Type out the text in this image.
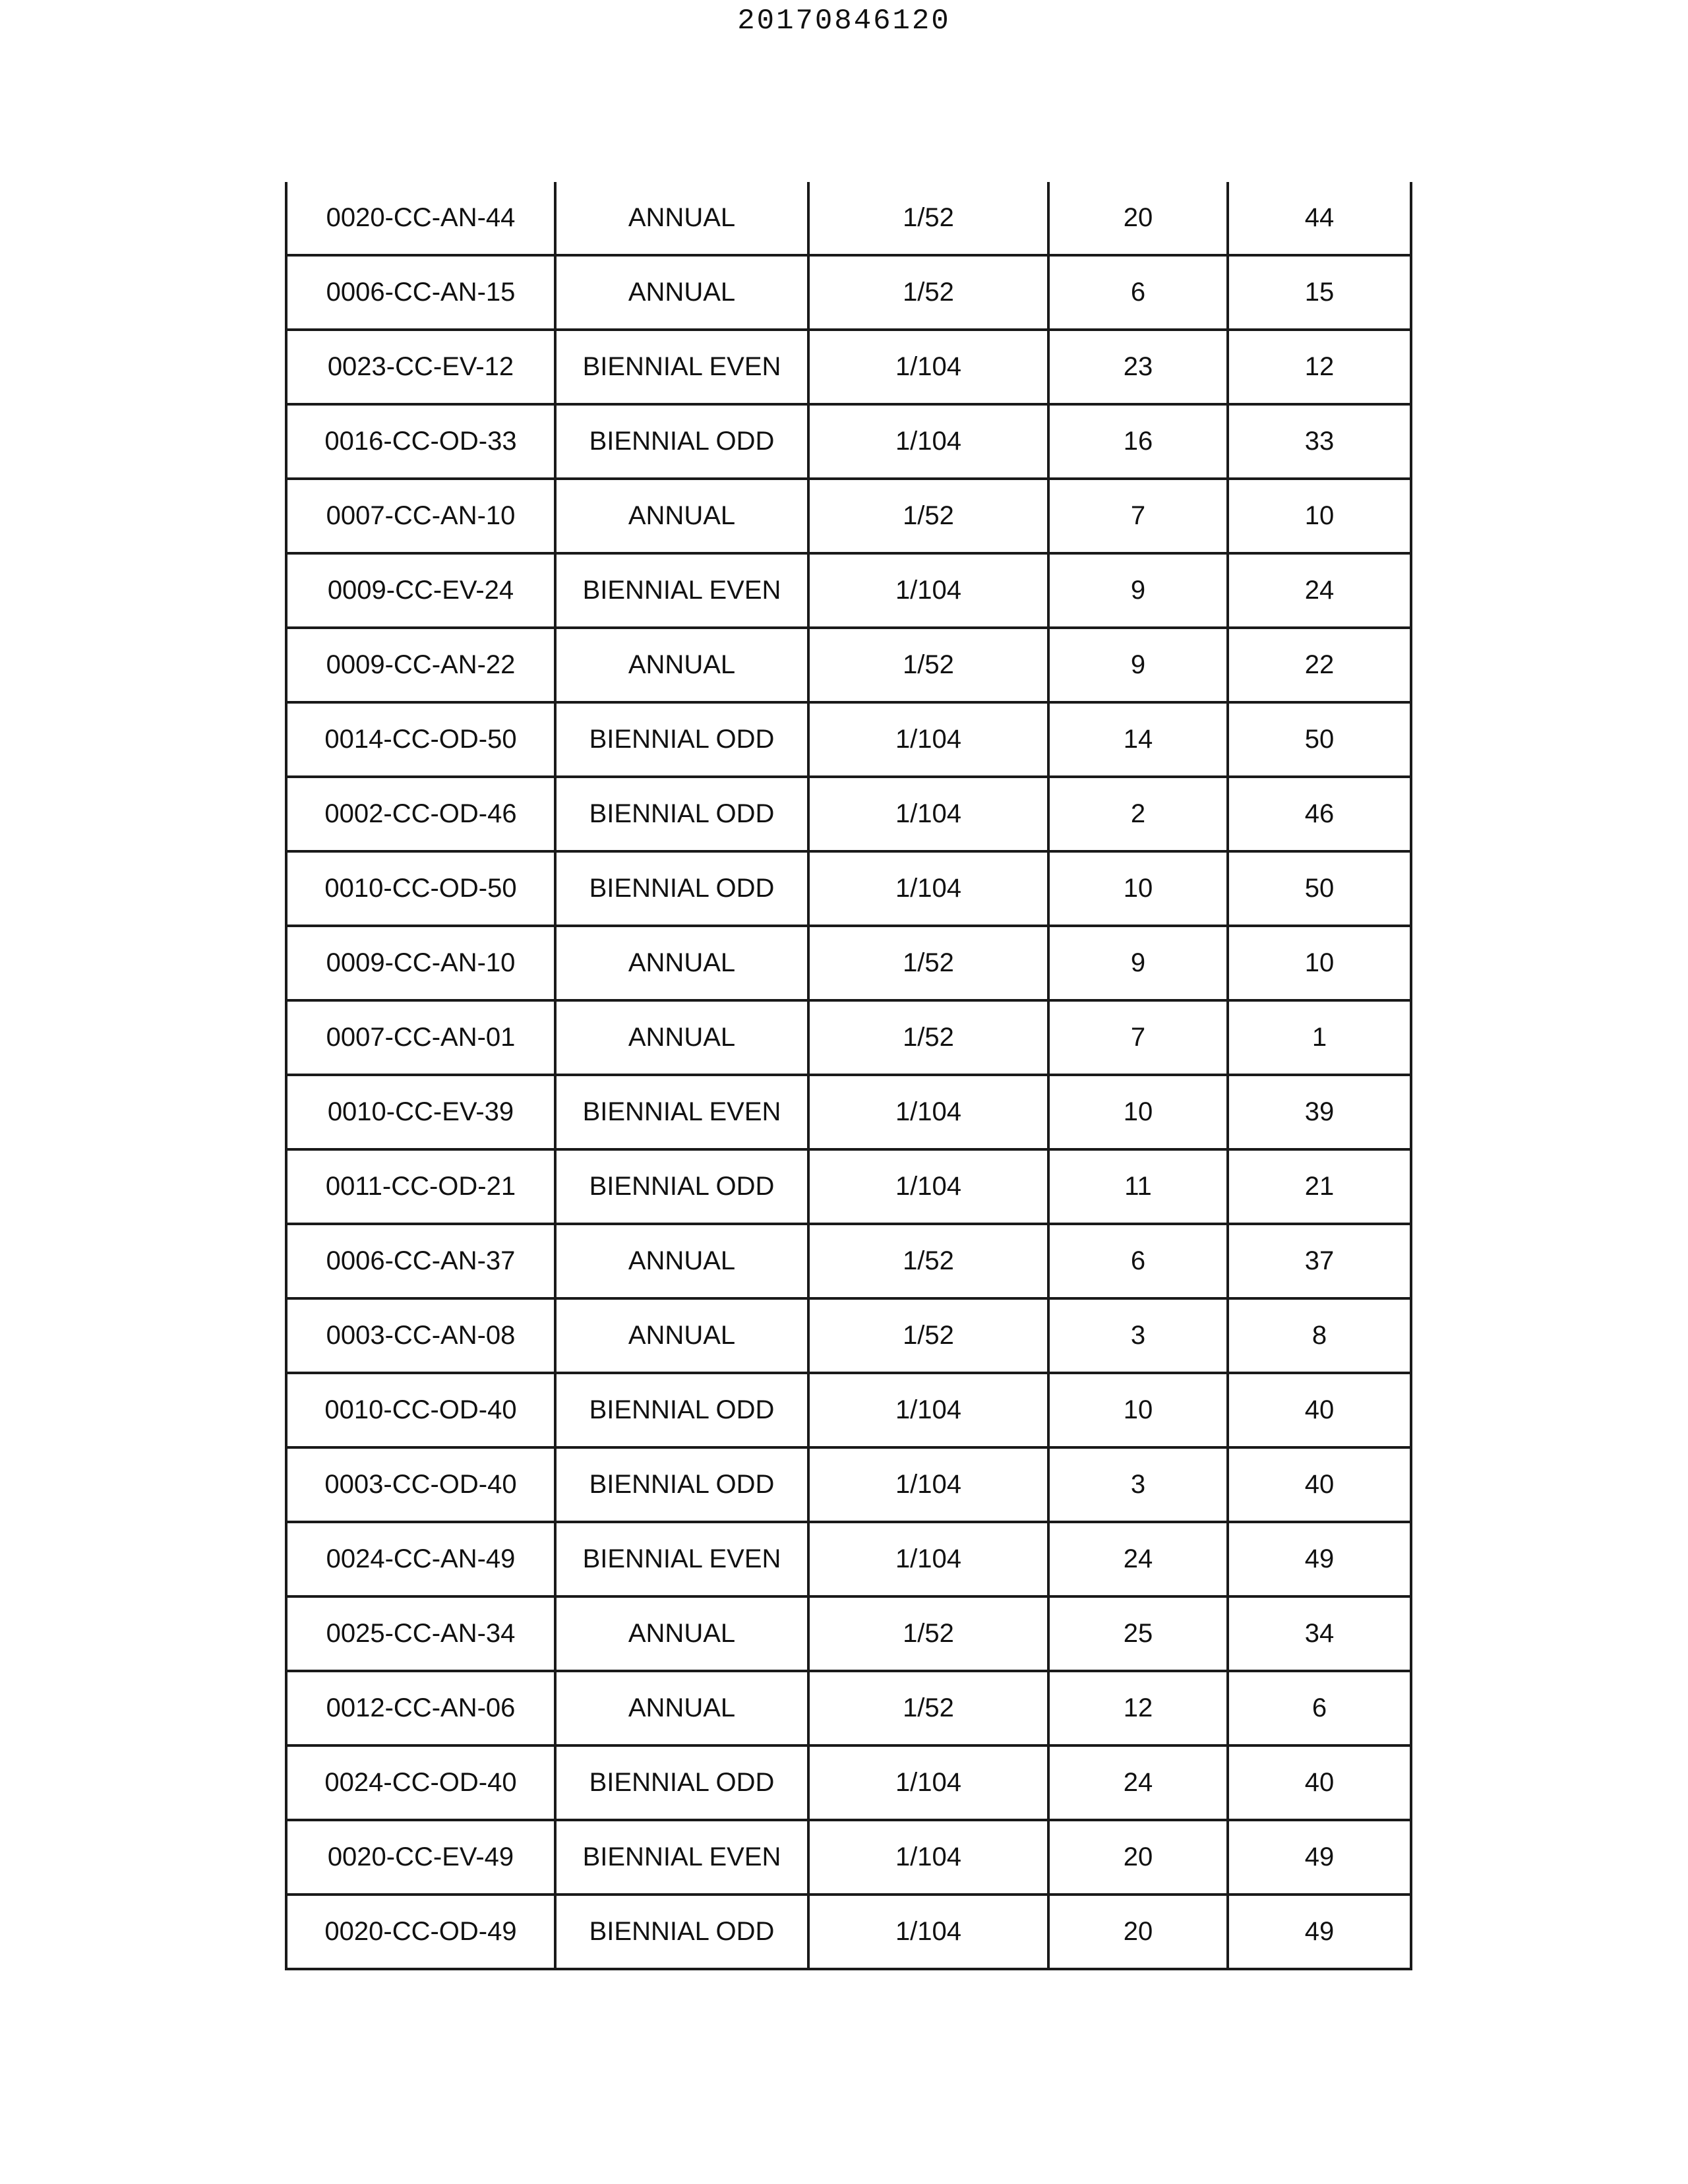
20170846120
0020-CC-AN-44	ANNUAL	1/52	20	44
0006-CC-AN-15	ANNUAL	1/52	6	15
0023-CC-EV-12	BIENNIAL EVEN	1/104	23	12
0016-CC-OD-33	BIENNIAL ODD	1/104	16	33
0007-CC-AN-10	ANNUAL	1/52	7	10
0009-CC-EV-24	BIENNIAL EVEN	1/104	9	24
0009-CC-AN-22	ANNUAL	1/52	9	22
0014-CC-OD-50	BIENNIAL ODD	1/104	14	50
0002-CC-OD-46	BIENNIAL ODD	1/104	2	46
0010-CC-OD-50	BIENNIAL ODD	1/104	10	50
0009-CC-AN-10	ANNUAL	1/52	9	10
0007-CC-AN-01	ANNUAL	1/52	7	1
0010-CC-EV-39	BIENNIAL EVEN	1/104	10	39
0011-CC-OD-21	BIENNIAL ODD	1/104	11	21
0006-CC-AN-37	ANNUAL	1/52	6	37
0003-CC-AN-08	ANNUAL	1/52	3	8
0010-CC-OD-40	BIENNIAL ODD	1/104	10	40
0003-CC-OD-40	BIENNIAL ODD	1/104	3	40
0024-CC-AN-49	BIENNIAL EVEN	1/104	24	49
0025-CC-AN-34	ANNUAL	1/52	25	34
0012-CC-AN-06	ANNUAL	1/52	12	6
0024-CC-OD-40	BIENNIAL ODD	1/104	24	40
0020-CC-EV-49	BIENNIAL EVEN	1/104	20	49
0020-CC-OD-49	BIENNIAL ODD	1/104	20	49
